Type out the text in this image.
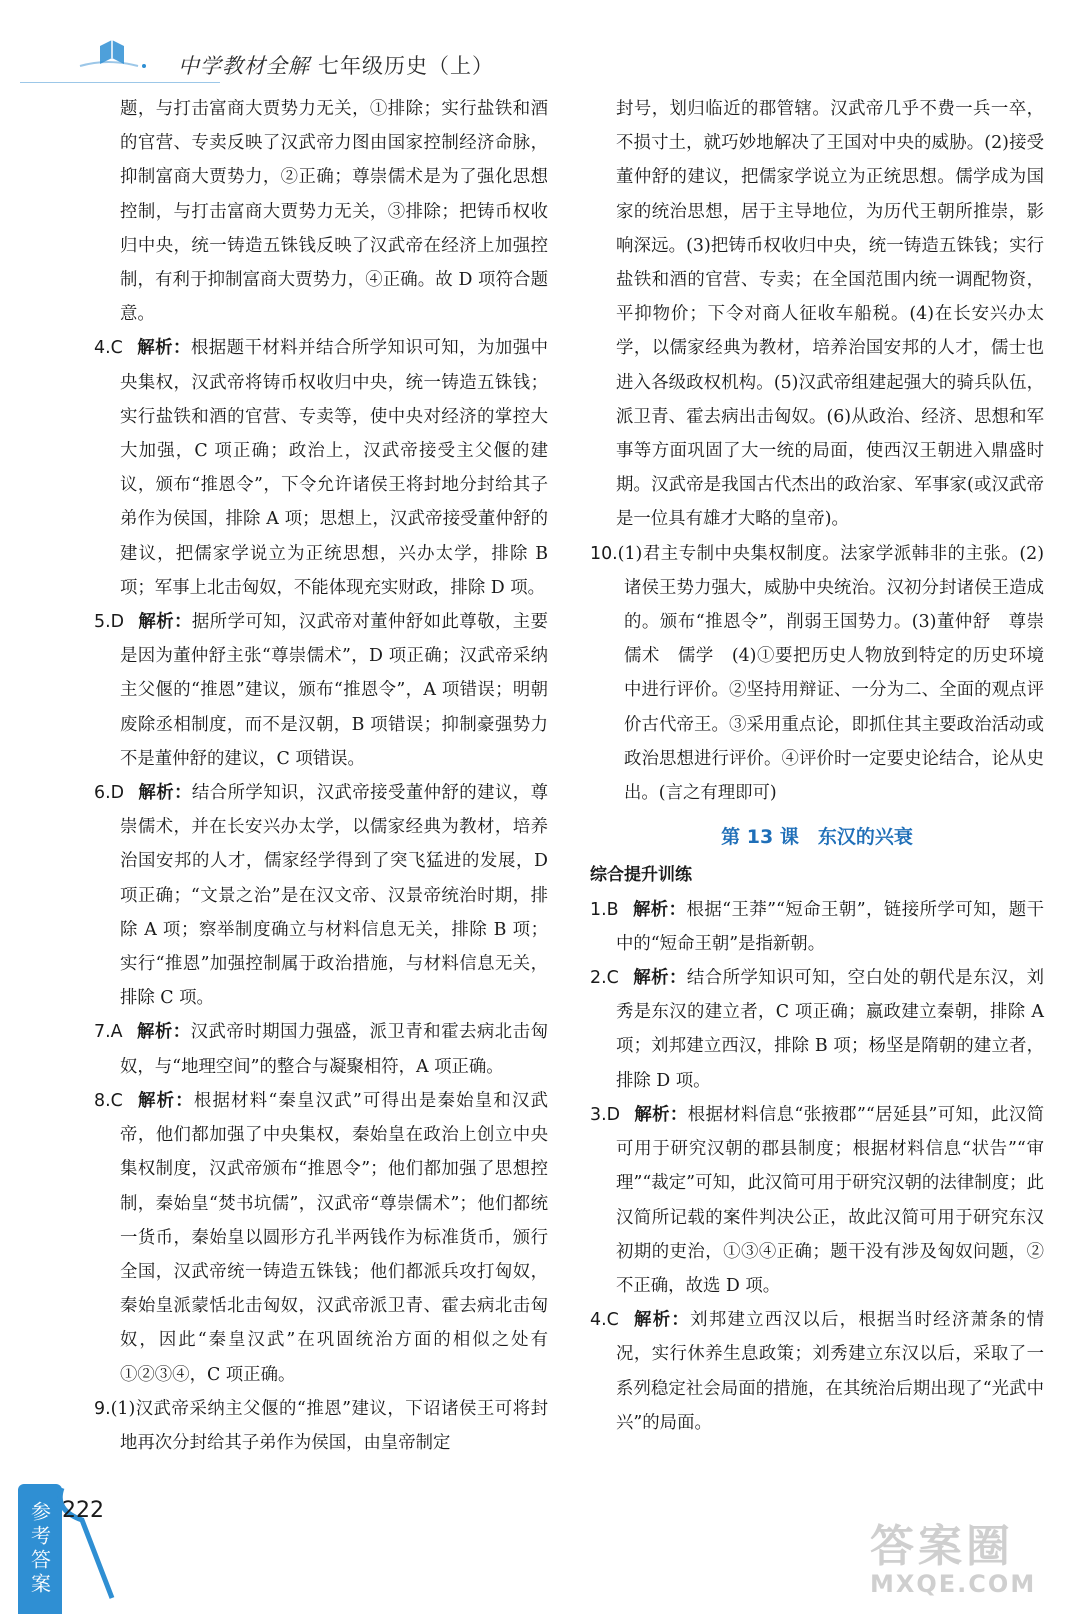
中学教材全解 七年级历史（上）

题，与打击富商大贾势力无关，①排除；实行盐铁和酒的官营、专卖反映了汉武帝力图由国家控制经济命脉，抑制富商大贾势力，②正确；尊崇儒术是为了强化思想控制，与打击富商大贾势力无关，③排除；把铸币权收归中央，统一铸造五铢钱反映了汉武帝在经济上加强控制，有利于抑制富商大贾势力，④正确。故 D 项符合题意。

4.C 解析：根据题干材料并结合所学知识可知，为加强中央集权，汉武帝将铸币权收归中央，统一铸造五铢钱；实行盐铁和酒的官营、专卖等，使中央对经济的掌控大大加强，C 项正确；政治上，汉武帝接受主父偃的建议，颁布“推恩令”，下令允许诸侯王将封地分封给其子弟作为侯国，排除 A 项；思想上，汉武帝接受董仲舒的建议，把儒家学说立为正统思想，兴办太学，排除 B 项；军事上北击匈奴，不能体现充实财政，排除 D 项。

5.D 解析：据所学可知，汉武帝对董仲舒如此尊敬，主要是因为董仲舒主张“尊崇儒术”，D 项正确；汉武帝采纳主父偃的“推恩”建议，颁布“推恩令”，A 项错误；明朝废除丞相制度，而不是汉朝，B 项错误；抑制豪强势力不是董仲舒的建议，C 项错误。

6.D 解析：结合所学知识，汉武帝接受董仲舒的建议，尊崇儒术，并在长安兴办太学，以儒家经典为教材，培养治国安邦的人才，儒家经学得到了突飞猛进的发展，D 项正确；“文景之治”是在汉文帝、汉景帝统治时期，排除 A 项；察举制度确立与材料信息无关，排除 B 项；实行“推恩”加强控制属于政治措施，与材料信息无关，排除 C 项。

7.A 解析：汉武帝时期国力强盛，派卫青和霍去病北击匈奴，与“地理空间”的整合与凝聚相符，A 项正确。

8.C 解析：根据材料“秦皇汉武”可得出是秦始皇和汉武帝，他们都加强了中央集权，秦始皇在政治上创立中央集权制度，汉武帝颁布“推恩令”；他们都加强了思想控制，秦始皇“焚书坑儒”，汉武帝“尊崇儒术”；他们都统一货币，秦始皇以圆形方孔半两钱作为标准货币，颁行全国，汉武帝统一铸造五铢钱；他们都派兵攻打匈奴，秦始皇派蒙恬北击匈奴，汉武帝派卫青、霍去病北击匈奴，因此“秦皇汉武”在巩固统治方面的相似之处有①②③④，C 项正确。

9.(1)汉武帝采纳主父偃的“推恩”建议，下诏诸侯王可将封地再次分封给其子弟作为侯国，由皇帝制定

封号，划归临近的郡管辖。汉武帝几乎不费一兵一卒，不损寸土，就巧妙地解决了王国对中央的威胁。(2)接受董仲舒的建议，把儒家学说立为正统思想。儒学成为国家的统治思想，居于主导地位，为历代王朝所推崇，影响深远。(3)把铸币权收归中央，统一铸造五铢钱；实行盐铁和酒的官营、专卖；在全国范围内统一调配物资，平抑物价；下令对商人征收车船税。(4)在长安兴办太学，以儒家经典为教材，培养治国安邦的人才，儒士也进入各级政权机构。(5)汉武帝组建起强大的骑兵队伍，派卫青、霍去病出击匈奴。(6)从政治、经济、思想和军事等方面巩固了大一统的局面，使西汉王朝进入鼎盛时期。汉武帝是我国古代杰出的政治家、军事家(或汉武帝是一位具有雄才大略的皇帝)。

10.(1)君主专制中央集权制度。法家学派韩非的主张。(2)诸侯王势力强大，威胁中央统治。汉初分封诸侯王造成的。颁布“推恩令”，削弱王国势力。(3)董仲舒　尊崇儒术　儒学　(4)①要把历史人物放到特定的历史环境中进行评价。②坚持用辩证、一分为二、全面的观点评价古代帝王。③采用重点论，即抓住其主要政治活动或政治思想进行评价。④评价时一定要史论结合，论从史出。(言之有理即可)

第 13 课　东汉的兴衰
综合提升训练

1.B 解析：根据“王莽”“短命王朝”，链接所学可知，题干中的“短命王朝”是指新朝。

2.C 解析：结合所学知识可知，空白处的朝代是东汉，刘秀是东汉的建立者，C 项正确；嬴政建立秦朝，排除 A 项；刘邦建立西汉，排除 B 项；杨坚是隋朝的建立者，排除 D 项。

3.D 解析：根据材料信息“张掖郡”“居延县”可知，此汉简可用于研究汉朝的郡县制度；根据材料信息“状告”“审理”“裁定”可知，此汉简可用于研究汉朝的法律制度；此汉简所记载的案件判决公正，故此汉简可用于研究东汉初期的吏治，①③④正确；题干没有涉及匈奴问题，②不正确，故选 D 项。

4.C 解析：刘邦建立西汉以后，根据当时经济萧条的情况，实行休养生息政策；刘秀建立东汉以后，采取了一系列稳定社会局面的措施，在其统治后期出现了“光武中兴”的局面。

参考答案 222
答案圈
MXQE.COM
